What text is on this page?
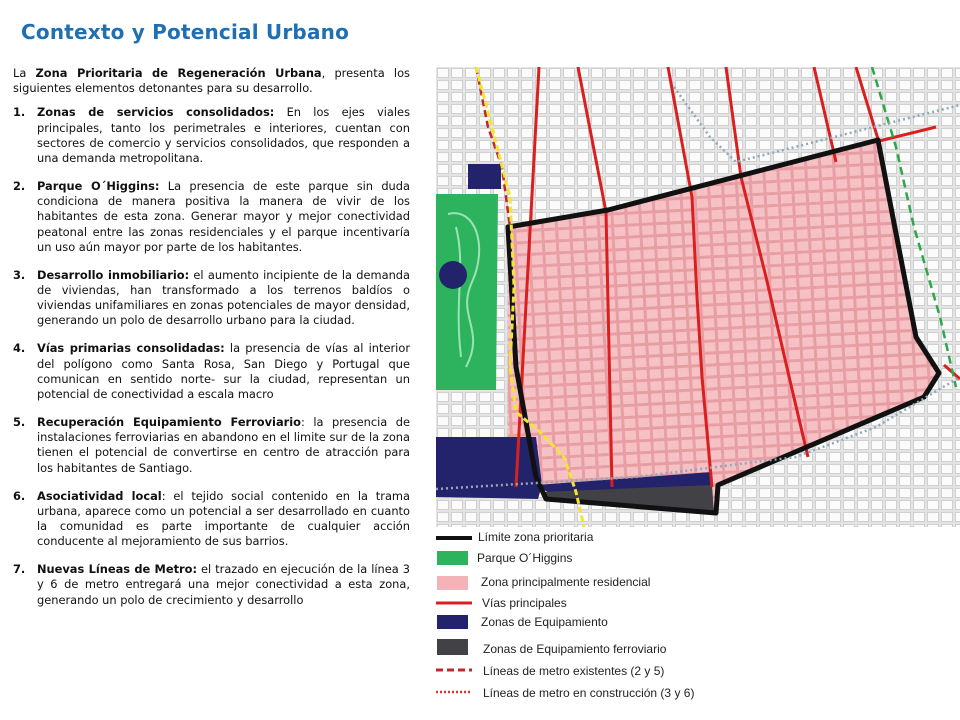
Contexto y Potencial Urbano

La Zona Prioritaria de Regeneración Urbana, presenta los siguientes elementos detonantes para su desarrollo.

1. Zonas de servicios consolidados: En los ejes viales principales, tanto los perimetrales e interiores, cuentan con sectores de comercio y servicios consolidados, que responden a una demanda metropolitana.
2. Parque O´Higgins: La presencia de este parque sin duda condiciona de manera positiva la manera de vivir de los habitantes de esta zona. Generar mayor y mejor conectividad peatonal entre las zonas residenciales y el parque incentivaría un uso aún mayor por parte de los habitantes.
3. Desarrollo inmobiliario: el aumento incipiente de la demanda de viviendas, han transformado a los terrenos baldíos o viviendas unifamiliares en zonas potenciales de mayor densidad, generando un polo de desarrollo urbano para la ciudad.
4. Vías primarias consolidadas: la presencia de vías al interior del polígono como Santa Rosa, San Diego y Portugal que comunican en sentido norte- sur la ciudad, representan un potencial de conectividad a escala macro
5. Recuperación Equipamiento Ferroviario: la presencia de instalaciones ferroviarias en abandono en el limite sur de la zona tienen el potencial de convertirse en centro de atracción para los habitantes de Santiago.
6. Asociatividad local: el tejido social contenido en la trama urbana, aparece como un potencial a ser desarrollado en cuanto la comunidad es parte importante de cualquier acción conducente al mejoramiento de sus barrios.
7. Nuevas Líneas de Metro: el trazado en ejecución de la línea 3 y 6 de metro entregará una mejor conectividad a esta zona, generando un polo de crecimiento y desarrollo
Límite zona prioritaria
Parque O´Higgins
Zona principalmente residencial
Vías principales
Zonas de Equipamiento
Zonas de Equipamiento ferroviario
Líneas de metro existentes (2 y 5)
Líneas de metro en construcción (3 y 6)
